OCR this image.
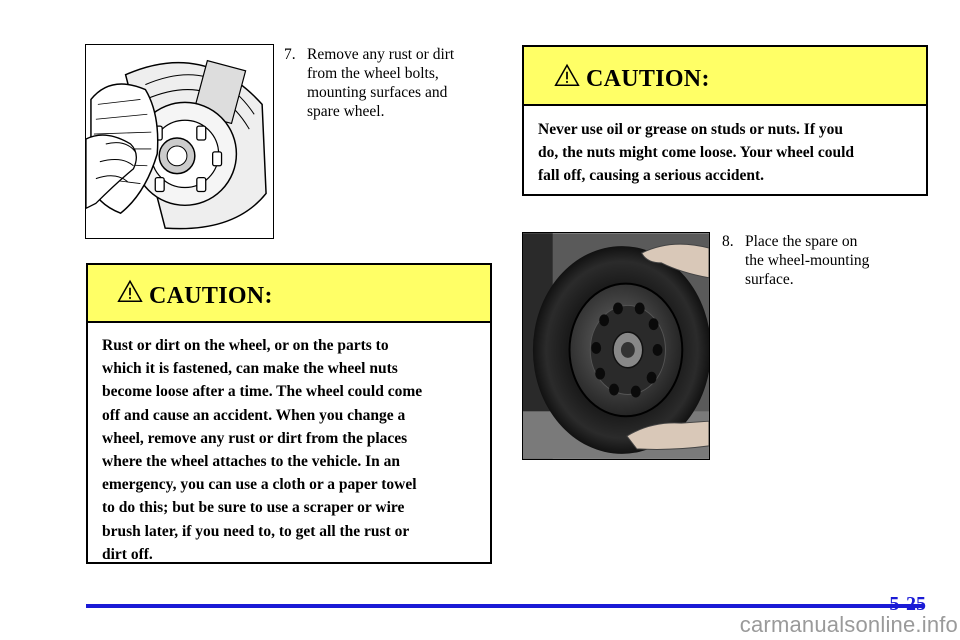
7. Remove any rust or dirt
from the wheel bolts,
mounting surfaces and
spare wheel.
CAUTION:
Rust or dirt on the wheel, or on the parts to
which it is fastened, can make the wheel nuts
become loose after a time. The wheel could come
off and cause an accident. When you change a
wheel, remove any rust or dirt from the places
where the wheel attaches to the vehicle. In an
emergency, you can use a cloth or a paper towel
to do this; but be sure to use a scraper or wire
brush later, if you need to, to get all the rust or
dirt off.
CAUTION:
Never use oil or grease on studs or nuts. If you
do, the nuts might come loose. Your wheel could
fall off, causing a serious accident.
8. Place the spare on
the wheel-mounting
surface.
5-25
carmanualsonline.info
